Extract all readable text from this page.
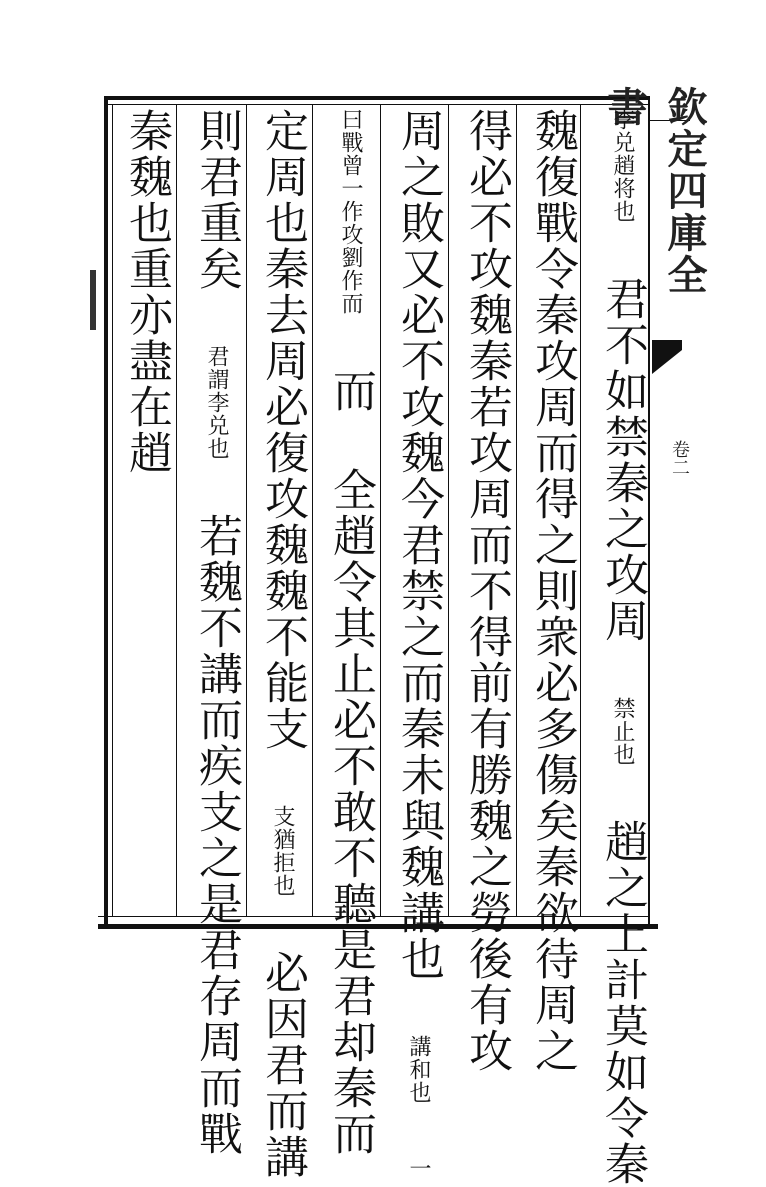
欽定四庫全書
卷二
李兑趙将也 君不如禁秦之攻周 禁止也 趙之上計莫如令秦
魏復戰令秦攻周而得之則衆必多傷矣秦欲待周之
得必不攻魏秦若攻周而不得前有勝魏之勞後有攻
周之敗又必不攻魏今君禁之而秦未與魏講也 講和也 一
曰戰曾一作攻劉作而 而 全趙令其止必不敢不聽是君却秦而
定周也秦去周必復攻魏魏不能支 支猶拒也 必因君而講
則君重矣 君謂李兑也 若魏不講而疾支之是君存周而戰
秦魏也重亦盡在趙
